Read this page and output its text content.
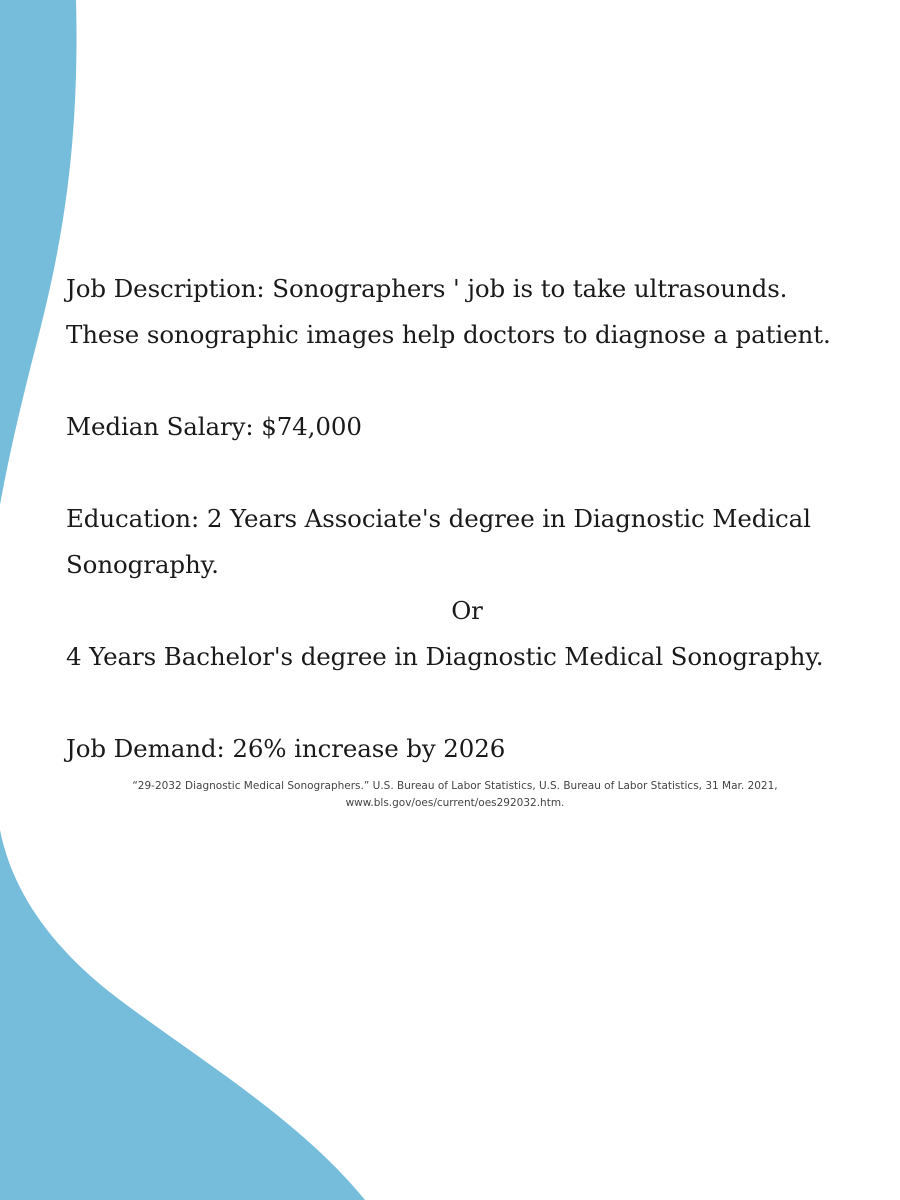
Job Description: Sonographers ' job is to take ultrasounds.
These sonographic images help doctors to diagnose a patient.
Median Salary: $74,000
Education: 2 Years Associate's degree in Diagnostic Medical
Sonography.
Or
4 Years Bachelor's degree in Diagnostic Medical Sonography.
Job Demand: 26% increase by 2026
“29-2032 Diagnostic Medical Sonographers.” U.S. Bureau of Labor Statistics, U.S. Bureau of Labor Statistics, 31 Mar. 2021,
www.bls.gov/oes/current/oes292032.htm.
